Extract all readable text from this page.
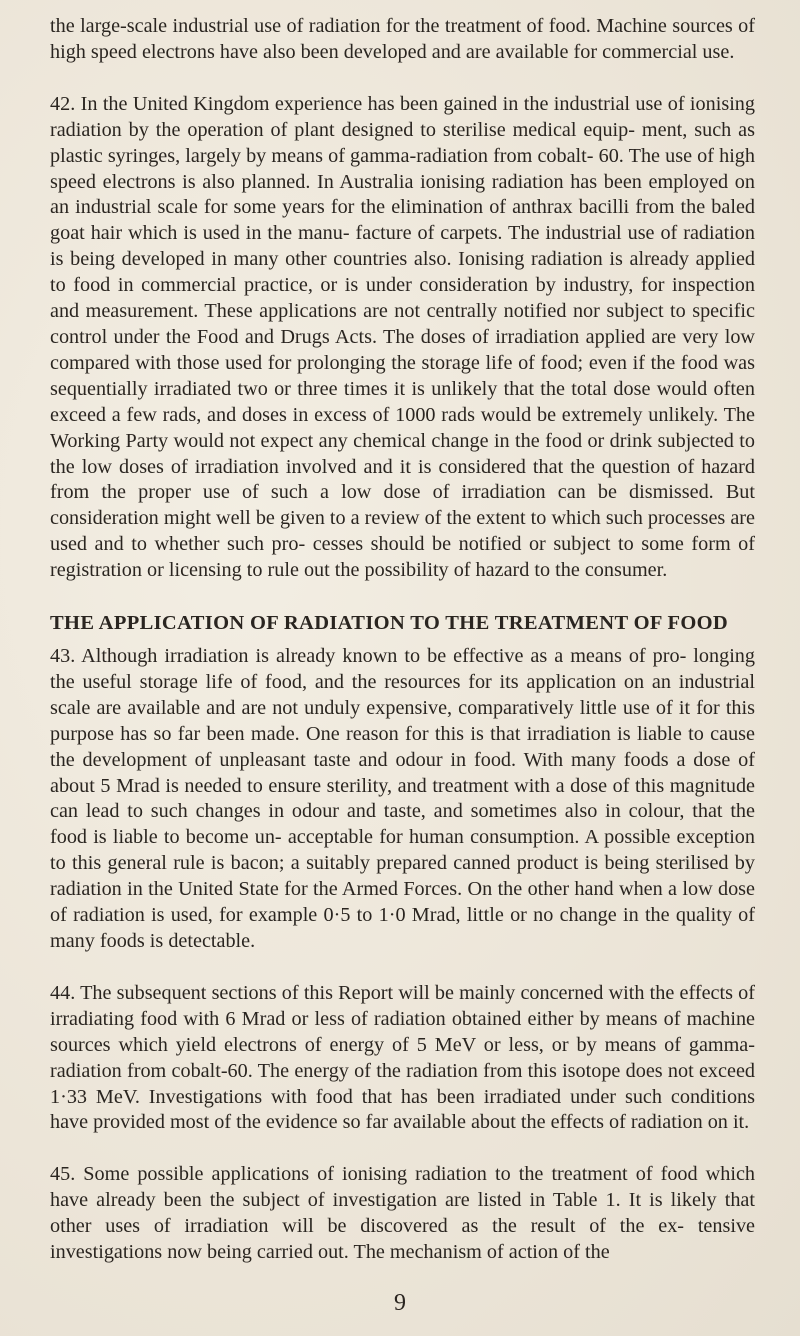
the large-scale industrial use of radiation for the treatment of food. Machine sources of high speed electrons have also been developed and are available for commercial use.

42. In the United Kingdom experience has been gained in the industrial use of ionising radiation by the operation of plant designed to sterilise medical equip- ment, such as plastic syringes, largely by means of gamma-radiation from cobalt- 60. The use of high speed electrons is also planned. In Australia ionising radiation has been employed on an industrial scale for some years for the elimination of anthrax bacilli from the baled goat hair which is used in the manu- facture of carpets. The industrial use of radiation is being developed in many other countries also. Ionising radiation is already applied to food in commercial practice, or is under consideration by industry, for inspection and measurement. These applications are not centrally notified nor subject to specific control under the Food and Drugs Acts. The doses of irradiation applied are very low compared with those used for prolonging the storage life of food; even if the food was sequentially irradiated two or three times it is unlikely that the total dose would often exceed a few rads, and doses in excess of 1000 rads would be extremely unlikely. The Working Party would not expect any chemical change in the food or drink subjected to the low doses of irradiation involved and it is considered that the question of hazard from the proper use of such a low dose of irradiation can be dismissed. But consideration might well be given to a review of the extent to which such processes are used and to whether such pro- cesses should be notified or subject to some form of registration or licensing to rule out the possibility of hazard to the consumer.

THE APPLICATION OF RADIATION TO THE TREATMENT OF FOOD

43. Although irradiation is already known to be effective as a means of pro- longing the useful storage life of food, and the resources for its application on an industrial scale are available and are not unduly expensive, comparatively little use of it for this purpose has so far been made. One reason for this is that irradiation is liable to cause the development of unpleasant taste and odour in food. With many foods a dose of about 5 Mrad is needed to ensure sterility, and treatment with a dose of this magnitude can lead to such changes in odour and taste, and sometimes also in colour, that the food is liable to become un- acceptable for human consumption. A possible exception to this general rule is bacon; a suitably prepared canned product is being sterilised by radiation in the United State for the Armed Forces. On the other hand when a low dose of radiation is used, for example 0·5 to 1·0 Mrad, little or no change in the quality of many foods is detectable.

44. The subsequent sections of this Report will be mainly concerned with the effects of irradiating food with 6 Mrad or less of radiation obtained either by means of machine sources which yield electrons of energy of 5 MeV or less, or by means of gamma-radiation from cobalt-60. The energy of the radiation from this isotope does not exceed 1·33 MeV. Investigations with food that has been irradiated under such conditions have provided most of the evidence so far available about the effects of radiation on it.

45. Some possible applications of ionising radiation to the treatment of food which have already been the subject of investigation are listed in Table 1. It is likely that other uses of irradiation will be discovered as the result of the ex- tensive investigations now being carried out. The mechanism of action of the

9
